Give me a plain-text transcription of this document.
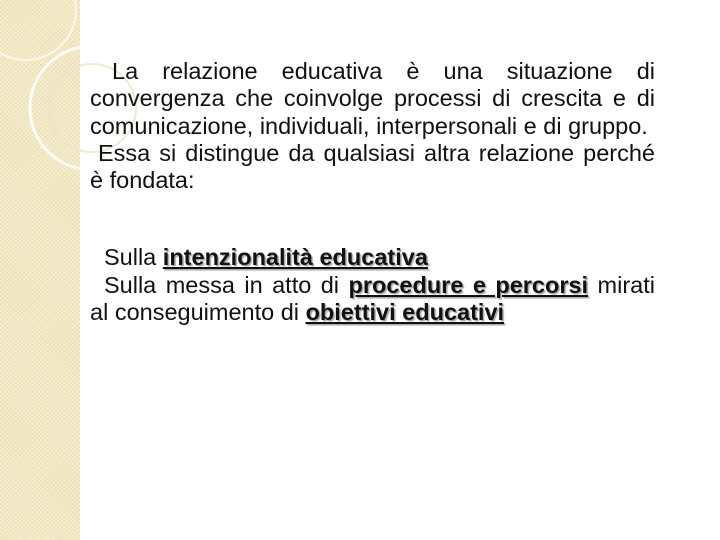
La relazione educativa è una situazione di convergenza che coinvolge processi di crescita e di comunicazione, individuali, interpersonali e di gruppo.

Essa si distingue da qualsiasi altra relazione perché è fondata:

Sulla intenzionalità educativa

Sulla messa in atto di procedure e percorsi mirati al conseguimento di obiettivi educativi
